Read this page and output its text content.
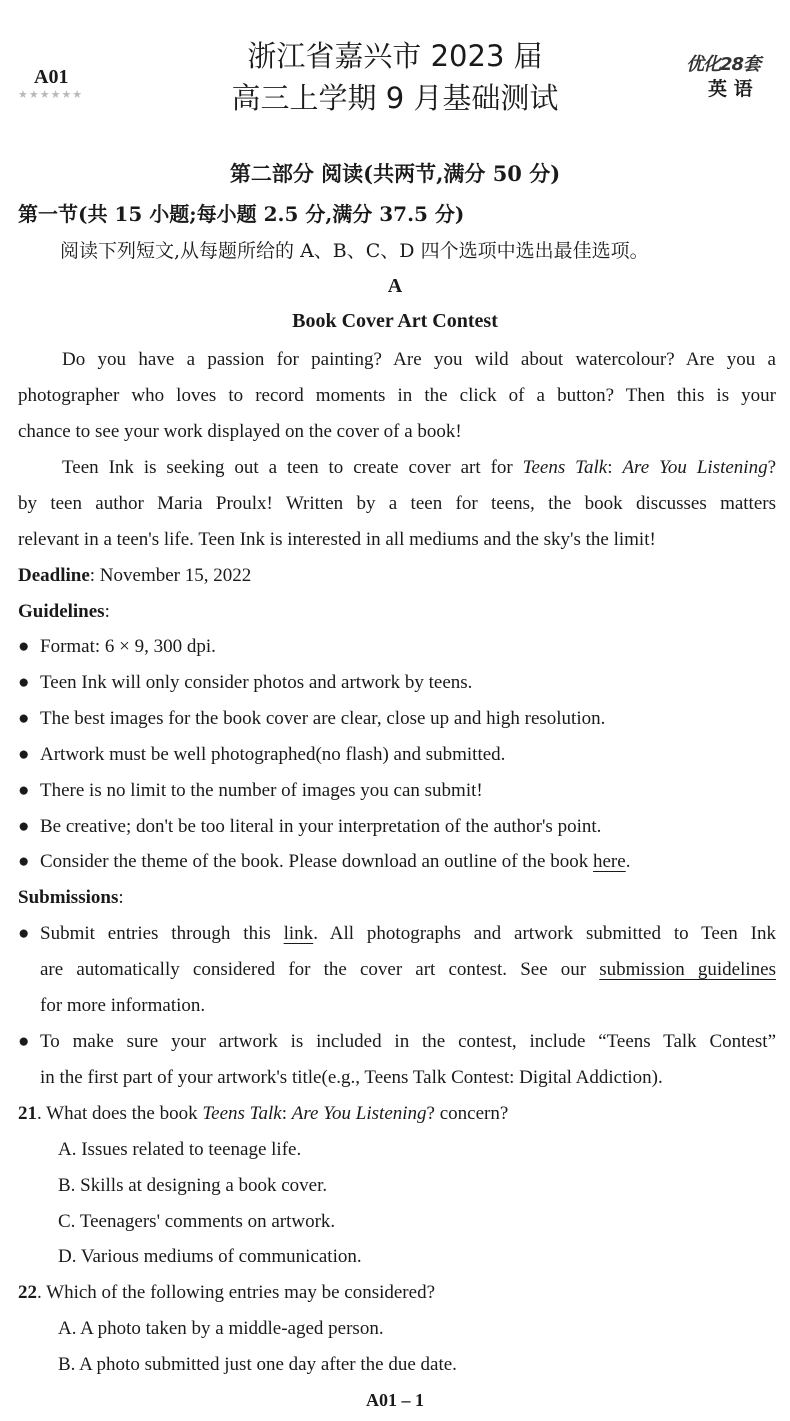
A01
★★★★★★
浙江省嘉兴市 2023 届
高三上学期 9 月基础测试
优化28套
英 语
第二部分 阅读(共两节,满分 50 分)
第一节(共 15 小题;每小题 2.5 分,满分 37.5 分)
阅读下列短文,从每题所给的 A、B、C、D 四个选项中选出最佳选项。
A
Book Cover Art Contest
Do you have a passion for painting? Are you wild about watercolour? Are you a
photographer who loves to record moments in the click of a button? Then this is your
chance to see your work displayed on the cover of a book!
Teen Ink is seeking out a teen to create cover art for Teens Talk: Are You Listening?
by teen author Maria Proulx! Written by a teen for teens, the book discusses matters
relevant in a teen's life. Teen Ink is interested in all mediums and the sky's the limit!
Deadline: November 15, 2022
Guidelines:
● Format: 6 × 9, 300 dpi.
● Teen Ink will only consider photos and artwork by teens.
● The best images for the book cover are clear, close up and high resolution.
● Artwork must be well photographed(no flash) and submitted.
● There is no limit to the number of images you can submit!
● Be creative; don't be too literal in your interpretation of the author's point.
● Consider the theme of the book. Please download an outline of the book here.
Submissions:
● Submit entries through this link. All photographs and artwork submitted to Teen Ink
are automatically considered for the cover art contest. See our submission guidelines
for more information.
● To make sure your artwork is included in the contest, include “Teens Talk Contest”
in the first part of your artwork's title(e.g., Teens Talk Contest: Digital Addiction).
21. What does the book Teens Talk: Are You Listening? concern?
A. Issues related to teenage life.
B. Skills at designing a book cover.
C. Teenagers' comments on artwork.
D. Various mediums of communication.
22. Which of the following entries may be considered?
A. A photo taken by a middle-aged person.
B. A photo submitted just one day after the due date.
A01 – 1
